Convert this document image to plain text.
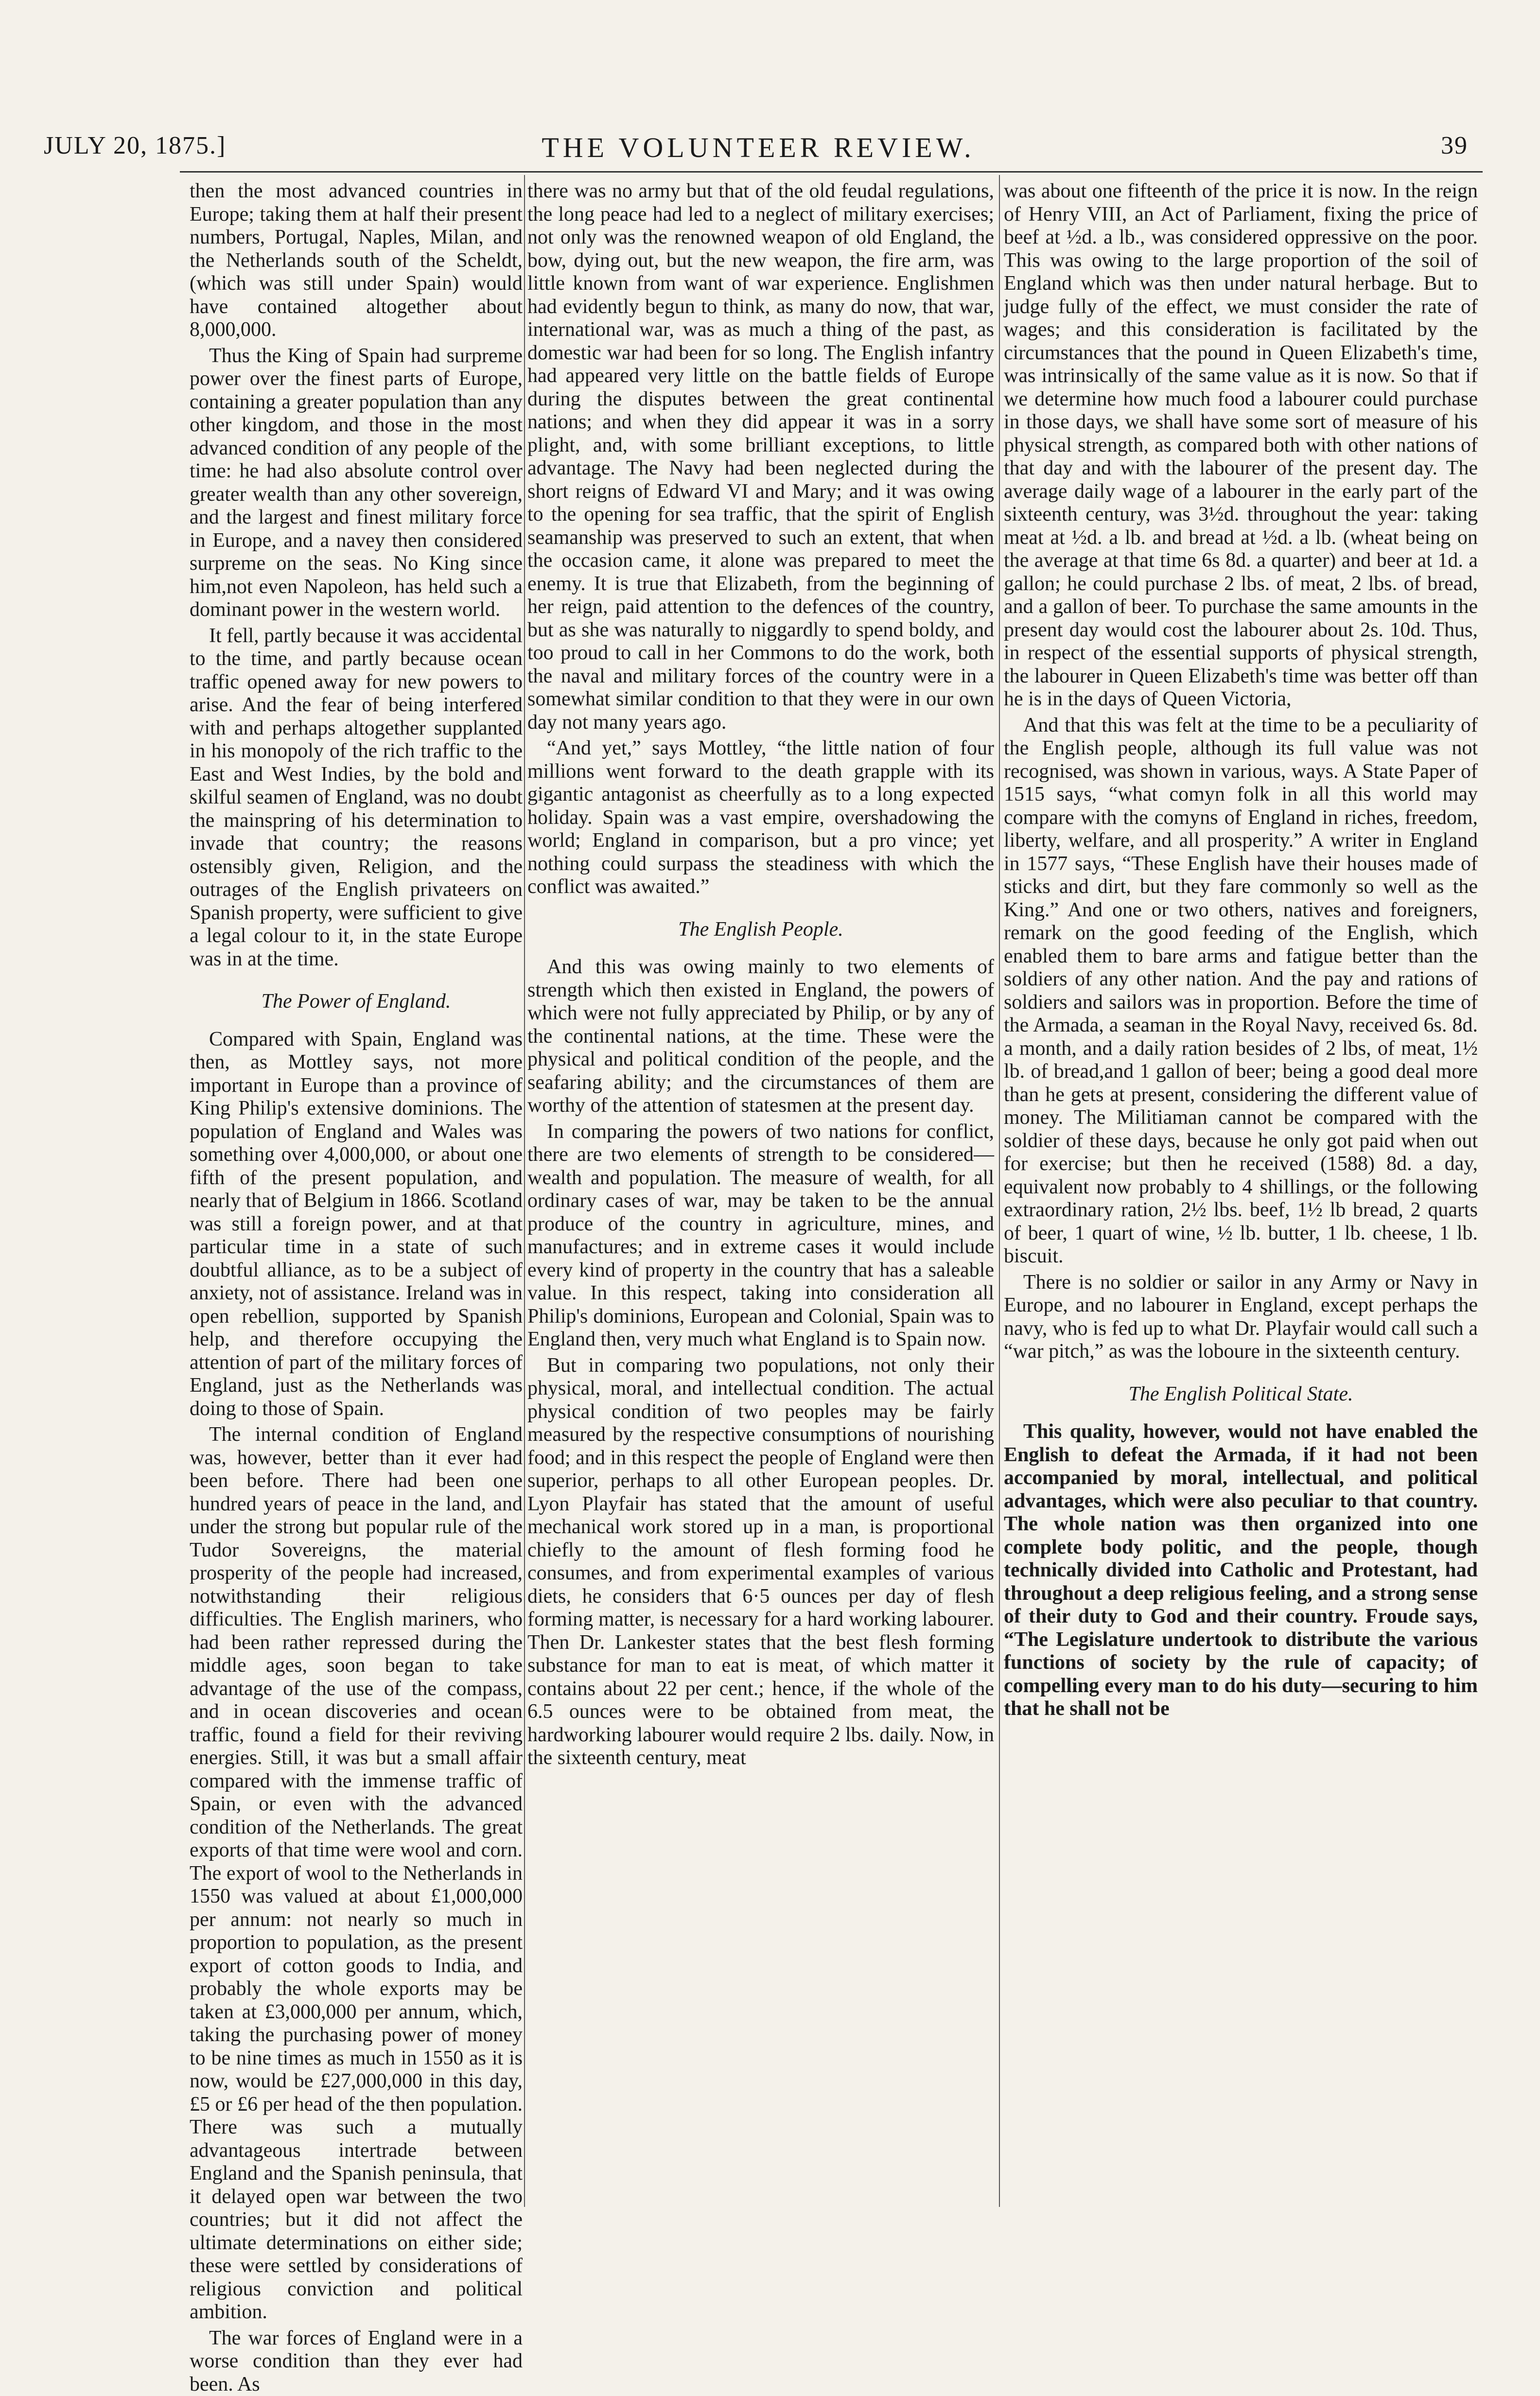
JULY 20, 1875.]	THE VOLUNTEER REVIEW.	39

then the most advanced countries in Europe; taking them at half their present numbers, Portugal, Naples, Milan, and the Netherlands south of the Scheldt, (which was still under Spain) would have contained altogether about 8,000,000.

Thus the King of Spain had surpreme power over the finest parts of Europe, containing a greater population than any other kingdom, and those in the most advanced condition of any people of the time: he had also absolute control over greater wealth than any other sovereign, and the largest and finest military force in Europe, and a navey then considered surpreme on the seas. No King since him,not even Napoleon, has held such a dominant power in the western world.

It fell, partly because it was accidental to the time, and partly because ocean traffic opened away for new powers to arise. And the fear of being interfered with and perhaps altogether supplanted in his monopoly of the rich traffic to the East and West Indies, by the bold and skilful seamen of England, was no doubt the mainspring of his determination to invade that country; the reasons ostensibly given, Religion, and the outrages of the English privateers on Spanish property, were sufficient to give a legal colour to it, in the state Europe was in at the time.

The Power of England.

Compared with Spain, England was then, as Mottley says, not more important in Europe than a province of King Philip's extensive dominions. The population of England and Wales was something over 4,000,000, or about one fifth of the present population, and nearly that of Belgium in 1866. Scotland was still a foreign power, and at that particular time in a state of such doubtful alliance, as to be a subject of anxiety, not of assistance. Ireland was in open rebellion, supported by Spanish help, and therefore occupying the attention of part of the military forces of England, just as the Netherlands was doing to those of Spain.

The internal condition of England was, however, better than it ever had been before. There had been one hundred years of peace in the land, and under the strong but popular rule of the Tudor Sovereigns, the material prosperity of the people had increased, notwithstanding their religious difficulties. The English mariners, who had been rather repressed during the middle ages, soon began to take advantage of the use of the compass, and in ocean discoveries and ocean traffic, found a field for their reviving energies. Still, it was but a small affair compared with the immense traffic of Spain, or even with the advanced condition of the Netherlands. The great exports of that time were wool and corn. The export of wool to the Netherlands in 1550 was valued at about £1,000,000 per annum: not nearly so much in proportion to population, as the present export of cotton goods to India, and probably the whole exports may be taken at £3,000,000 per annum, which, taking the purchasing power of money to be nine times as much in 1550 as it is now, would be £27,000,000 in this day, £5 or £6 per head of the then population. There was such a mutually advantageous intertrade between England and the Spanish peninsula, that it delayed open war between the two countries; but it did not affect the ultimate determinations on either side; these were settled by considerations of religious conviction and political ambition.

The war forces of England were in a worse condition than they ever had been. As

there was no army but that of the old feudal regulations, the long peace had led to a neglect of military exercises; not only was the renowned weapon of old England, the bow, dying out, but the new weapon, the fire arm, was little known from want of war experience. Englishmen had evidently begun to think, as many do now, that war, international war, was as much a thing of the past, as domestic war had been for so long. The English infantry had appeared very little on the battle fields of Europe during the disputes between the great continental nations; and when they did appear it was in a sorry plight, and, with some brilliant exceptions, to little advantage. The Navy had been neglected during the short reigns of Edward VI and Mary; and it was owing to the opening for sea traffic, that the spirit of English seamanship was preserved to such an extent, that when the occasion came, it alone was prepared to meet the enemy. It is true that Elizabeth, from the beginning of her reign, paid attention to the defences of the country, but as she was naturally to niggardly to spend boldy, and too proud to call in her Commons to do the work, both the naval and military forces of the country were in a somewhat similar condition to that they were in our own day not many years ago.

“And yet,” says Mottley, “the little nation of four millions went forward to the death grapple with its gigantic antagonist as cheerfully as to a long expected holiday. Spain was a vast empire, overshadowing the world; England in comparison, but a pro vince; yet nothing could surpass the steadiness with which the conflict was awaited.”

The English People.

And this was owing mainly to two elements of strength which then existed in England, the powers of which were not fully appreciated by Philip, or by any of the continental nations, at the time. These were the physical and political condition of the people, and the seafaring ability; and the circumstances of them are worthy of the attention of statesmen at the present day.

In comparing the powers of two nations for conflict, there are two elements of strength to be considered—wealth and population. The measure of wealth, for all ordinary cases of war, may be taken to be the annual produce of the country in agriculture, mines, and manufactures; and in extreme cases it would include every kind of property in the country that has a saleable value. In this respect, taking into consideration all Philip's dominions, European and Colonial, Spain was to England then, very much what England is to Spain now.

But in comparing two populations, not only their physical, moral, and intellectual condition. The actual physical condition of two peoples may be fairly measured by the respective consumptions of nourishing food; and in this respect the people of England were then superior, perhaps to all other European peoples. Dr. Lyon Playfair has stated that the amount of useful mechanical work stored up in a man, is proportional chiefly to the amount of flesh forming food he consumes, and from experimental examples of various diets, he considers that 6·5 ounces per day of flesh forming matter, is necessary for a hard working labourer. Then Dr. Lankester states that the best flesh forming substance for man to eat is meat, of which matter it contains about 22 per cent.; hence, if the whole of the 6.5 ounces were to be obtained from meat, the hardworking labourer would require 2 lbs. daily. Now, in the sixteenth century, meat

was about one fifteenth of the price it is now. In the reign of Henry VIII, an Act of Parliament, fixing the price of beef at ½d. a lb., was considered oppressive on the poor. This was owing to the large proportion of the soil of England which was then under natural herbage. But to judge fully of the effect, we must consider the rate of wages; and this consideration is facilitated by the circumstances that the pound in Queen Elizabeth's time, was intrinsically of the same value as it is now. So that if we determine how much food a labourer could purchase in those days, we shall have some sort of measure of his physical strength, as compared both with other nations of that day and with the labourer of the present day. The average daily wage of a labourer in the early part of the sixteenth century, was 3½d. throughout the year: taking meat at ½d. a lb. and bread at ½d. a lb. (wheat being on the average at that time 6s 8d. a quarter) and beer at 1d. a gallon; he could purchase 2 lbs. of meat, 2 lbs. of bread, and a gallon of beer. To purchase the same amounts in the present day would cost the labourer about 2s. 10d. Thus, in respect of the essential supports of physical strength, the labourer in Queen Elizabeth's time was better off than he is in the days of Queen Victoria,

And that this was felt at the time to be a peculiarity of the English people, although its full value was not recognised, was shown in various, ways. A State Paper of 1515 says, “what comyn folk in all this world may compare with the comyns of England in riches, freedom, liberty, welfare, and all prosperity.” A writer in England in 1577 says, “These English have their houses made of sticks and dirt, but they fare commonly so well as the King.” And one or two others, natives and foreigners, remark on the good feeding of the English, which enabled them to bare arms and fatigue better than the soldiers of any other nation. And the pay and rations of soldiers and sailors was in proportion. Before the time of the Armada, a seaman in the Royal Navy, received 6s. 8d. a month, and a daily ration besides of 2 lbs, of meat, 1½ lb. of bread,and 1 gallon of beer; being a good deal more than he gets at present, considering the different value of money. The Militiaman cannot be compared with the soldier of these days, because he only got paid when out for exercise; but then he received (1588) 8d. a day, equivalent now probably to 4 shillings, or the following extraordinary ration, 2½ lbs. beef, 1½ lb bread, 2 quarts of beer, 1 quart of wine, ½ lb. butter, 1 lb. cheese, 1 lb. biscuit.

There is no soldier or sailor in any Army or Navy in Europe, and no labourer in England, except perhaps the navy, who is fed up to what Dr. Playfair would call such a “war pitch,” as was the loboure in the sixteenth century.

The English Political State.

This quality, however, would not have enabled the English to defeat the Armada, if it had not been accompanied by moral, intellectual, and political advantages, which were also peculiar to that country. The whole nation was then organized into one complete body politic, and the people, though technically divided into Catholic and Protestant, had throughout a deep religious feeling, and a strong sense of their duty to God and their country. Froude says, “The Legislature undertook to distribute the various functions of society by the rule of capacity; of compelling every man to do his duty—securing to him that he shall not be
